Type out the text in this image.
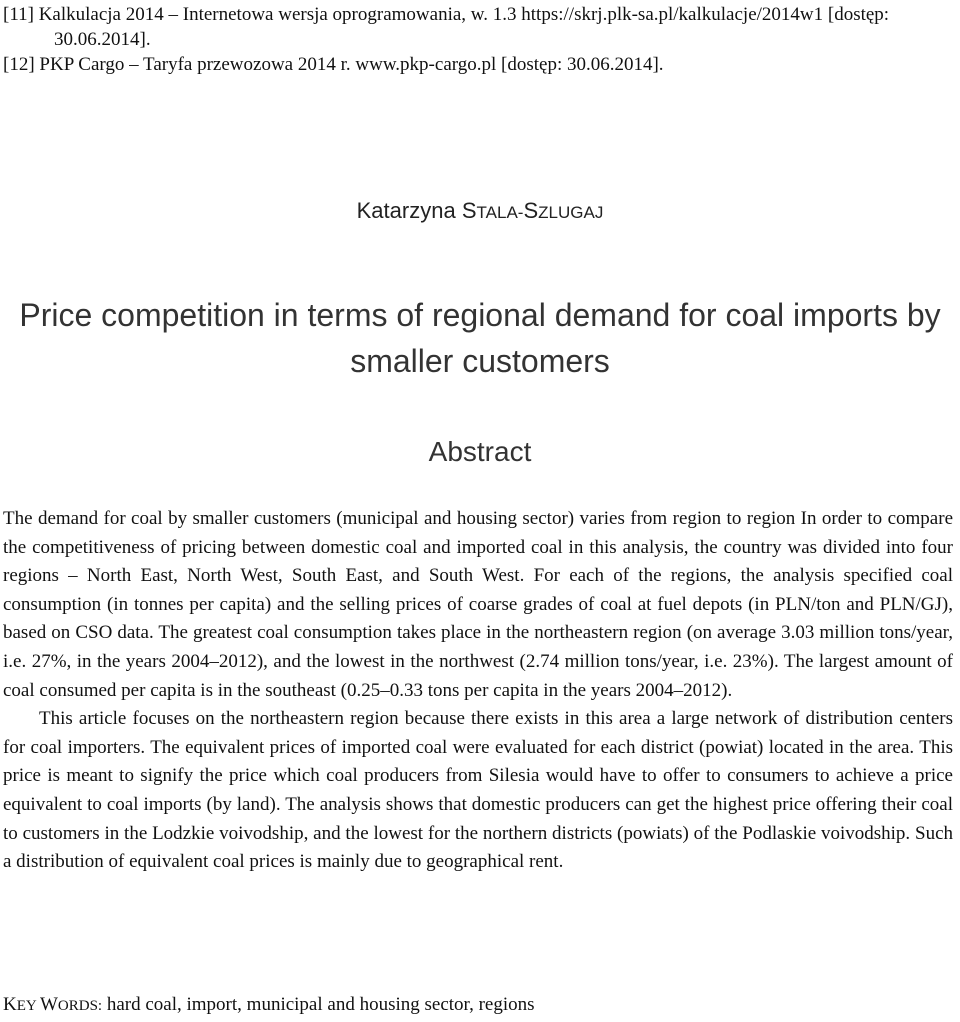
[11] Kalkulacja 2014 – Internetowa wersja oprogramowania, w. 1.3 https://skrj.plk-sa.pl/kalkulacje/2014w1 [dostęp: 30.06.2014].

[12] PKP Cargo – Taryfa przewozowa 2014 r. www.pkp-cargo.pl [dostęp: 30.06.2014].

Katarzyna STALA-SZLUGAJ
Price competition in terms of regional demand for coal imports by smaller customers
Abstract

The demand for coal by smaller customers (municipal and housing sector) varies from region to region In order to compare the competitiveness of pricing between domestic coal and imported coal in this analysis, the country was divided into four regions – North East, North West, South East, and South West. For each of the regions, the analysis specified coal consumption (in tonnes per capita) and the selling prices of coarse grades of coal at fuel depots (in PLN/ton and PLN/GJ), based on CSO data. The greatest coal consumption takes place in the northeastern region (on average 3.03 million tons/year, i.e. 27%, in the years 2004–2012), and the lowest in the northwest (2.74 million tons/year, i.e. 23%). The largest amount of coal consumed per capita is in the southeast (0.25–0.33 tons per capita in the years 2004–2012).

This article focuses on the northeastern region because there exists in this area a large network of distribution centers for coal importers. The equivalent prices of imported coal were evaluated for each district (powiat) located in the area. This price is meant to signify the price which coal producers from Silesia would have to offer to consumers to achieve a price equivalent to coal imports (by land). The analysis shows that domestic producers can get the highest price offering their coal to customers in the Lodzkie voivodship, and the lowest for the northern districts (powiats) of the Podlaskie voivodship. Such a distribution of equivalent coal prices is mainly due to geographical rent.

KEY WORDS: hard coal, import, municipal and housing sector, regions
